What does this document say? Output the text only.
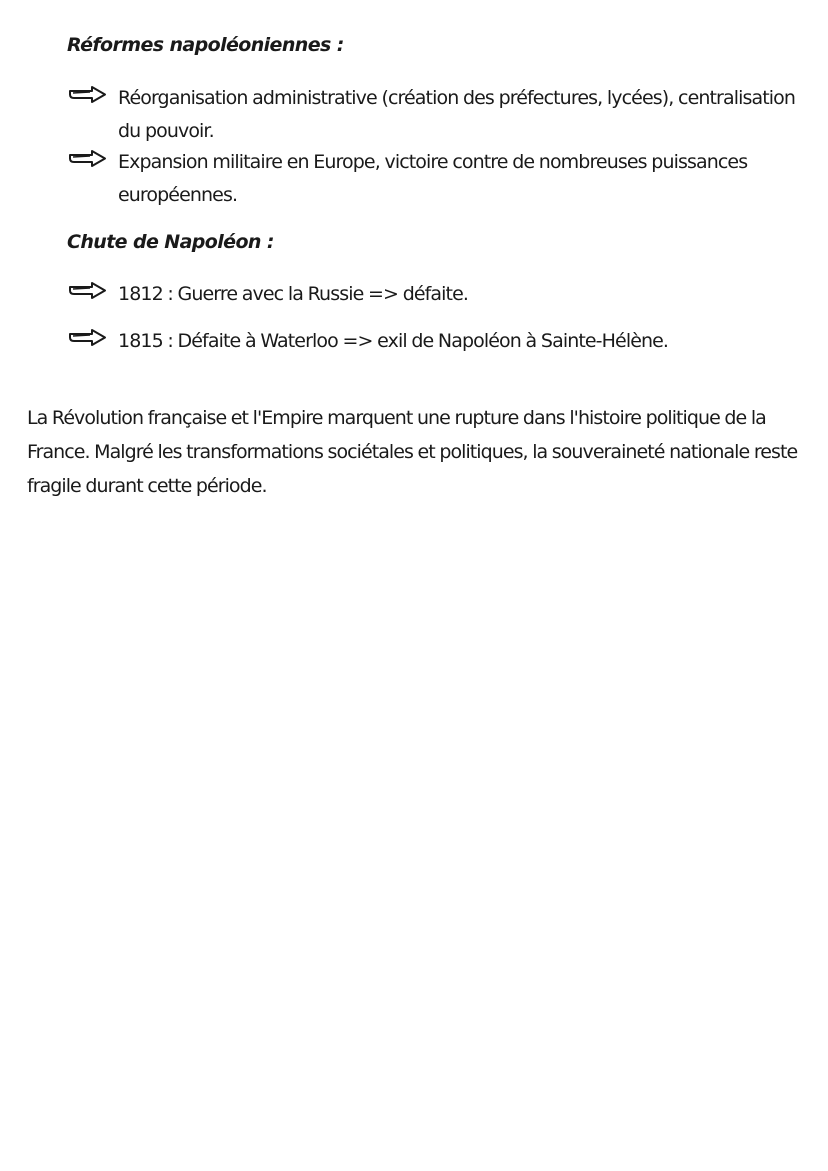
Réformes napoléoniennes :
Réorganisation administrative (création des préfectures, lycées), centralisation du pouvoir.
Expansion militaire en Europe, victoire contre de nombreuses puissances européennes.
Chute de Napoléon :
1812 : Guerre avec la Russie => défaite.
1815 : Défaite à Waterloo => exil de Napoléon à Sainte-Hélène.

La Révolution française et l'Empire marquent une rupture dans l'histoire politique de la France. Malgré les transformations sociétales et politiques, la souveraineté nationale reste fragile durant cette période.
